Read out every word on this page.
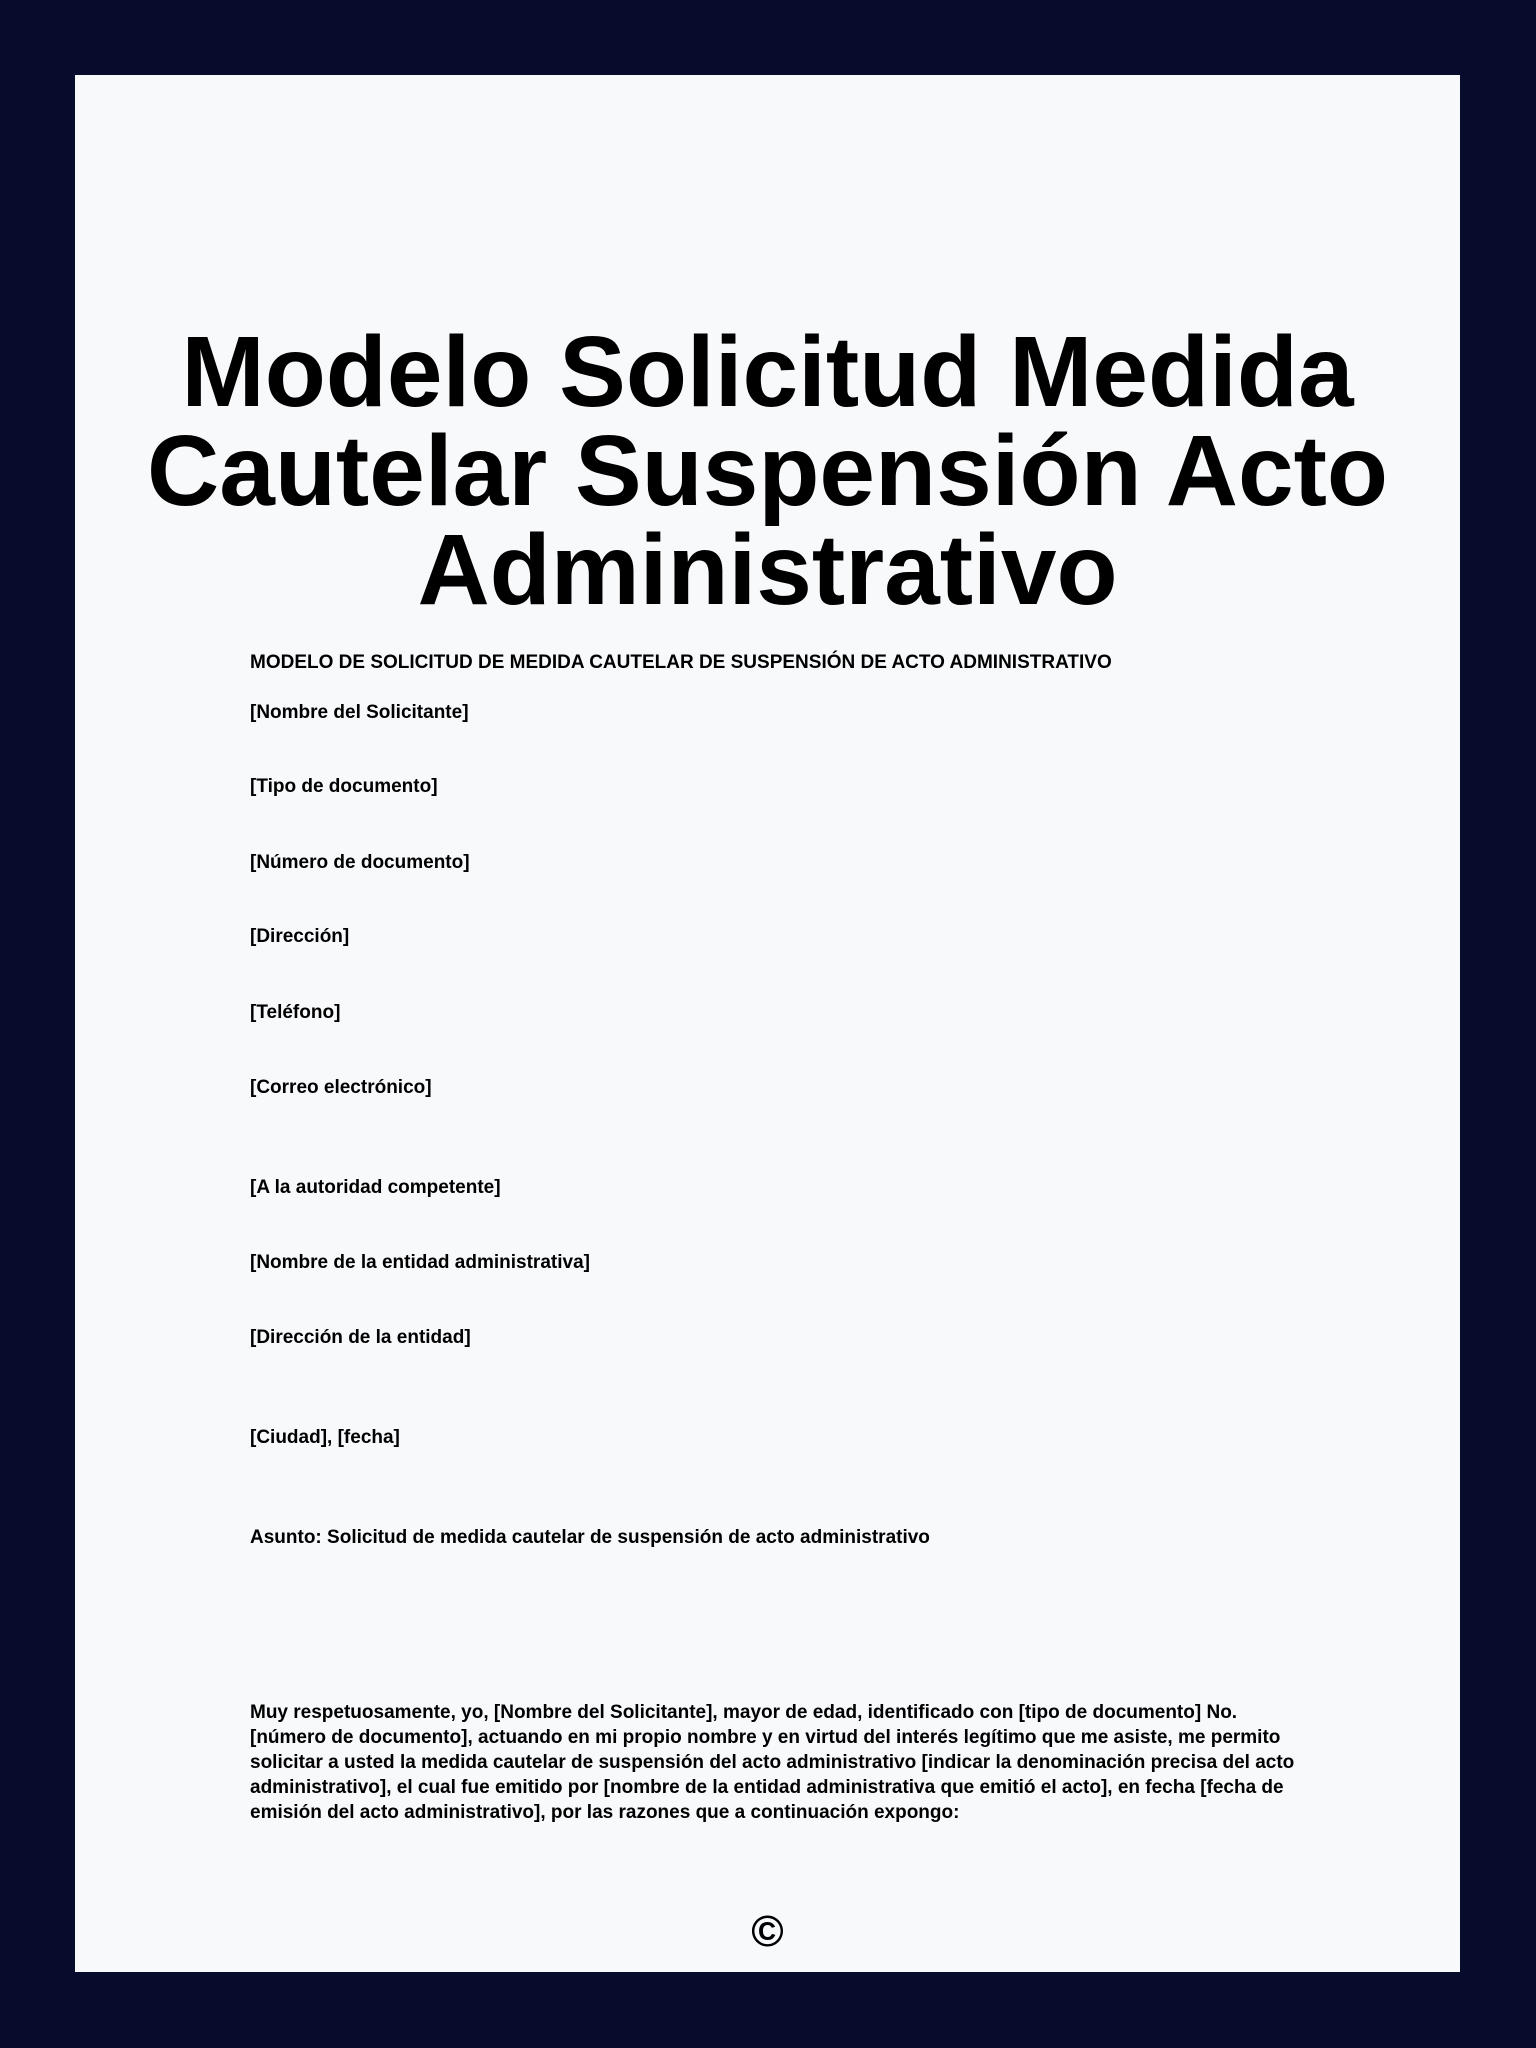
Modelo Solicitud Medida Cautelar Suspensión Acto Administrativo
MODELO DE SOLICITUD DE MEDIDA CAUTELAR DE SUSPENSIÓN DE ACTO ADMINISTRATIVO
[Nombre del Solicitante]
[Tipo de documento]
[Número de documento]
[Dirección]
[Teléfono]
[Correo electrónico]
[A la autoridad competente]
[Nombre de la entidad administrativa]
[Dirección de la entidad]
[Ciudad], [fecha]
Asunto: Solicitud de medida cautelar de suspensión de acto administrativo
Muy respetuosamente, yo, [Nombre del Solicitante], mayor de edad, identificado con [tipo de documento] No. [número de documento], actuando en mi propio nombre y en virtud del interés legítimo que me asiste, me permito solicitar a usted la medida cautelar de suspensión del acto administrativo [indicar la denominación precisa del acto administrativo], el cual fue emitido por [nombre de la entidad administrativa que emitió el acto], en fecha [fecha de emisión del acto administrativo], por las razones que a continuación expongo:
©
